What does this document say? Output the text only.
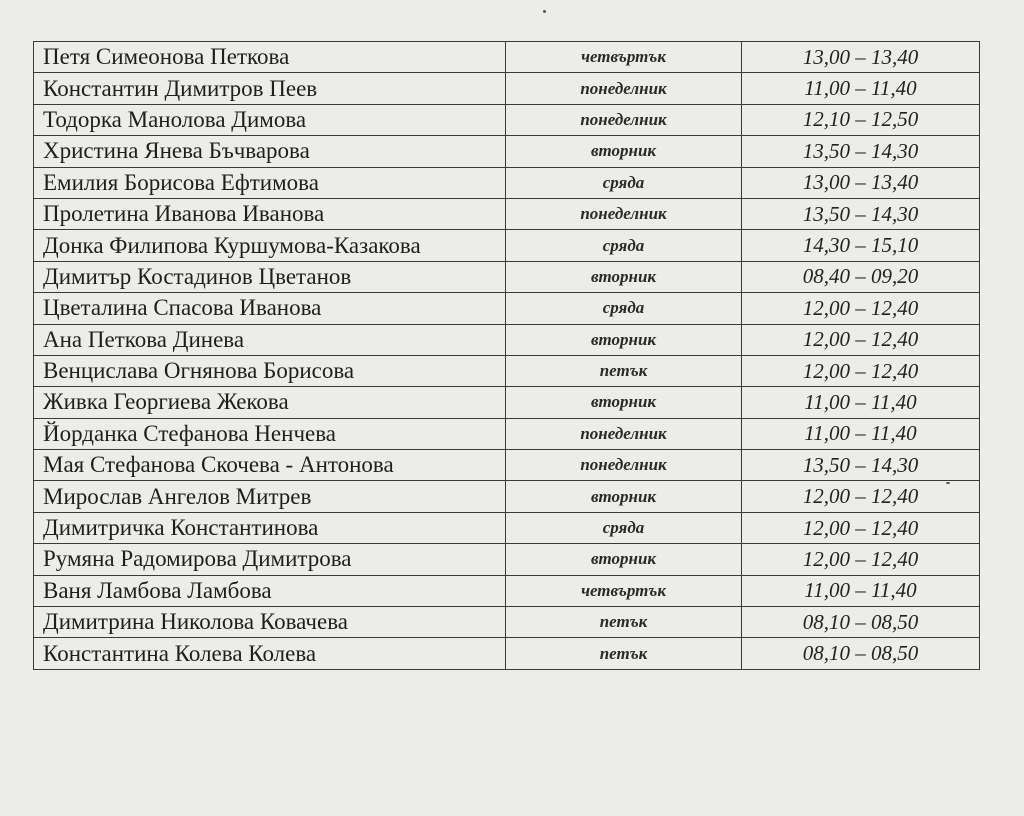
Петя Симеонова Петкова	четвъртък	13,00 – 13,40
Константин Димитров Пеев	понеделник	11,00 – 11,40
Тодорка Манолова Димова	понеделник	12,10 – 12,50
Христина Янева Бъчварова	вторник	13,50 – 14,30
Емилия Борисова Ефтимова	сряда	13,00 – 13,40
Пролетина Иванова Иванова	понеделник	13,50 – 14,30
Донка Филипова Куршумова-Казакова	сряда	14,30 – 15,10
Димитър Костадинов Цветанов	вторник	08,40 – 09,20
Цветалина Спасова Иванова	сряда	12,00 – 12,40
Ана Петкова Динева	вторник	12,00 – 12,40
Венцислава Огнянова Борисова	петък	12,00 – 12,40
Живка Георгиева Жекова	вторник	11,00 – 11,40
Йорданка Стефанова Ненчева	понеделник	11,00 – 11,40
Мая Стефанова Скочева - Антонова	понеделник	13,50 – 14,30
Мирослав Ангелов Митрев	вторник	12,00 – 12,40
Димитричка Константинова	сряда	12,00 – 12,40
Румяна Радомирова Димитрова	вторник	12,00 – 12,40
Ваня Ламбова Ламбова	четвъртък	11,00 – 11,40
Димитрина Николова Ковачева	петък	08,10 – 08,50
Константина Колева Колева	петък	08,10 – 08,50
